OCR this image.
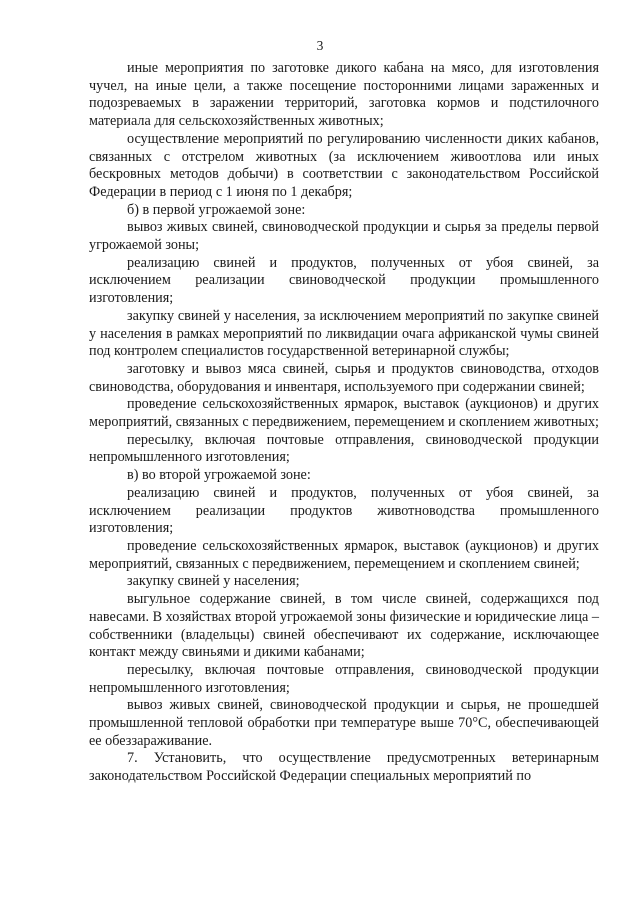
3

иные мероприятия по заготовке дикого кабана на мясо, для изготовления чучел, на иные цели, а также посещение посторонними лицами зараженных и подозреваемых в заражении территорий, заготовка кормов и подстилочного материала для сельскохозяйственных животных;

осуществление мероприятий по регулированию численности диких кабанов, связанных с отстрелом животных (за исключением живоотлова или иных бескровных методов добычи) в соответствии с законодательством Российской Федерации в период с 1 июня по 1 декабря;

б) в первой угрожаемой зоне:

вывоз живых свиней, свиноводческой продукции и сырья за пределы первой угрожаемой зоны;

реализацию свиней и продуктов, полученных от убоя свиней, за исключением реализации свиноводческой продукции промышленного изготовления;

закупку свиней у населения, за исключением мероприятий по закупке свиней у населения в рамках мероприятий по ликвидации очага африканской чумы свиней под контролем специалистов государственной ветеринарной службы;

заготовку и вывоз мяса свиней, сырья и продуктов свиноводства, отходов свиноводства, оборудования и инвентаря, используемого при содержании свиней;

проведение сельскохозяйственных ярмарок, выставок (аукционов) и других мероприятий, связанных с передвижением, перемещением и скоплением животных;

пересылку, включая почтовые отправления, свиноводческой продукции непромышленного изготовления;

в) во второй угрожаемой зоне:

реализацию свиней и продуктов, полученных от убоя свиней, за исключением реализации продуктов животноводства промышленного изготовления;

проведение сельскохозяйственных ярмарок, выставок (аукционов) и других мероприятий, связанных с передвижением, перемещением и скоплением свиней;

закупку свиней у населения;

выгульное содержание свиней, в том числе свиней, содержащихся под навесами. В хозяйствах второй угрожаемой зоны физические и юридические лица – собственники (владельцы) свиней обеспечивают их содержание, исключающее контакт между свиньями и дикими кабанами;

пересылку, включая почтовые отправления, свиноводческой продукции непромышленного изготовления;

вывоз живых свиней, свиноводческой продукции и сырья, не прошедшей промышленной тепловой обработки при температуре выше 70°C, обеспечивающей ее обеззараживание.

7. Установить, что осуществление предусмотренных ветеринарным законодательством Российской Федерации специальных мероприятий по
